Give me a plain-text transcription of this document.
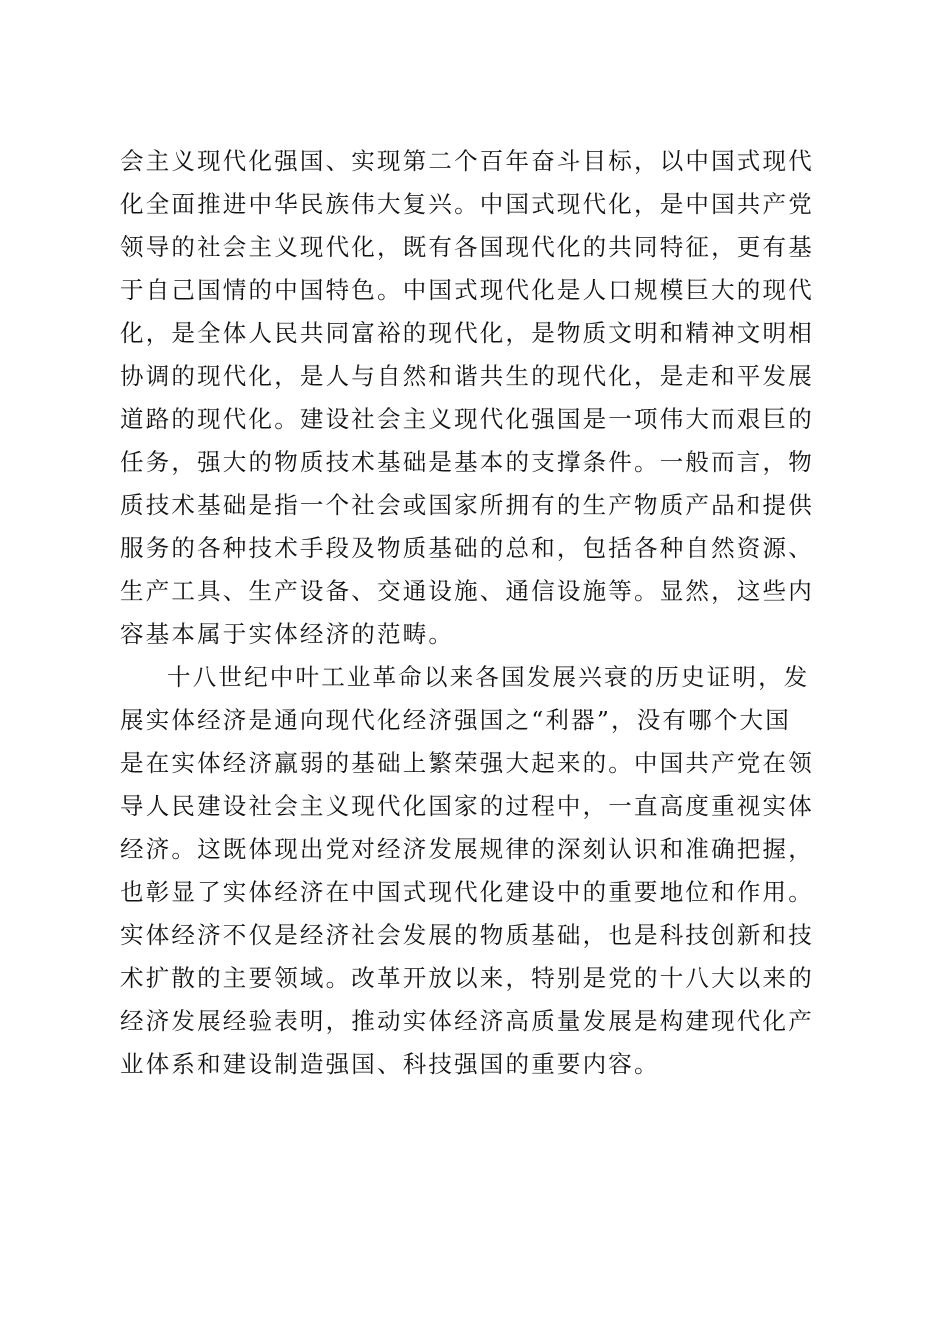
会主义现代化强国、实现第二个百年奋斗目标，以中国式现代
化全面推进中华民族伟大复兴。中国式现代化，是中国共产党
领导的社会主义现代化，既有各国现代化的共同特征，更有基
于自己国情的中国特色。中国式现代化是人口规模巨大的现代
化，是全体人民共同富裕的现代化，是物质文明和精神文明相
协调的现代化，是人与自然和谐共生的现代化，是走和平发展
道路的现代化。建设社会主义现代化强国是一项伟大而艰巨的
任务，强大的物质技术基础是基本的支撑条件。一般而言，物
质技术基础是指一个社会或国家所拥有的生产物质产品和提供
服务的各种技术手段及物质基础的总和，包括各种自然资源、
生产工具、生产设备、交通设施、通信设施等。显然，这些内
容基本属于实体经济的范畴。
十八世纪中叶工业革命以来各国发展兴衰的历史证明，发
展实体经济是通向现代化经济强国之“利器”，没有哪个大国
是在实体经济羸弱的基础上繁荣强大起来的。中国共产党在领
导人民建设社会主义现代化国家的过程中，一直高度重视实体
经济。这既体现出党对经济发展规律的深刻认识和准确把握，
也彰显了实体经济在中国式现代化建设中的重要地位和作用。
实体经济不仅是经济社会发展的物质基础，也是科技创新和技
术扩散的主要领域。改革开放以来，特别是党的十八大以来的
经济发展经验表明，推动实体经济高质量发展是构建现代化产
业体系和建设制造强国、科技强国的重要内容。
